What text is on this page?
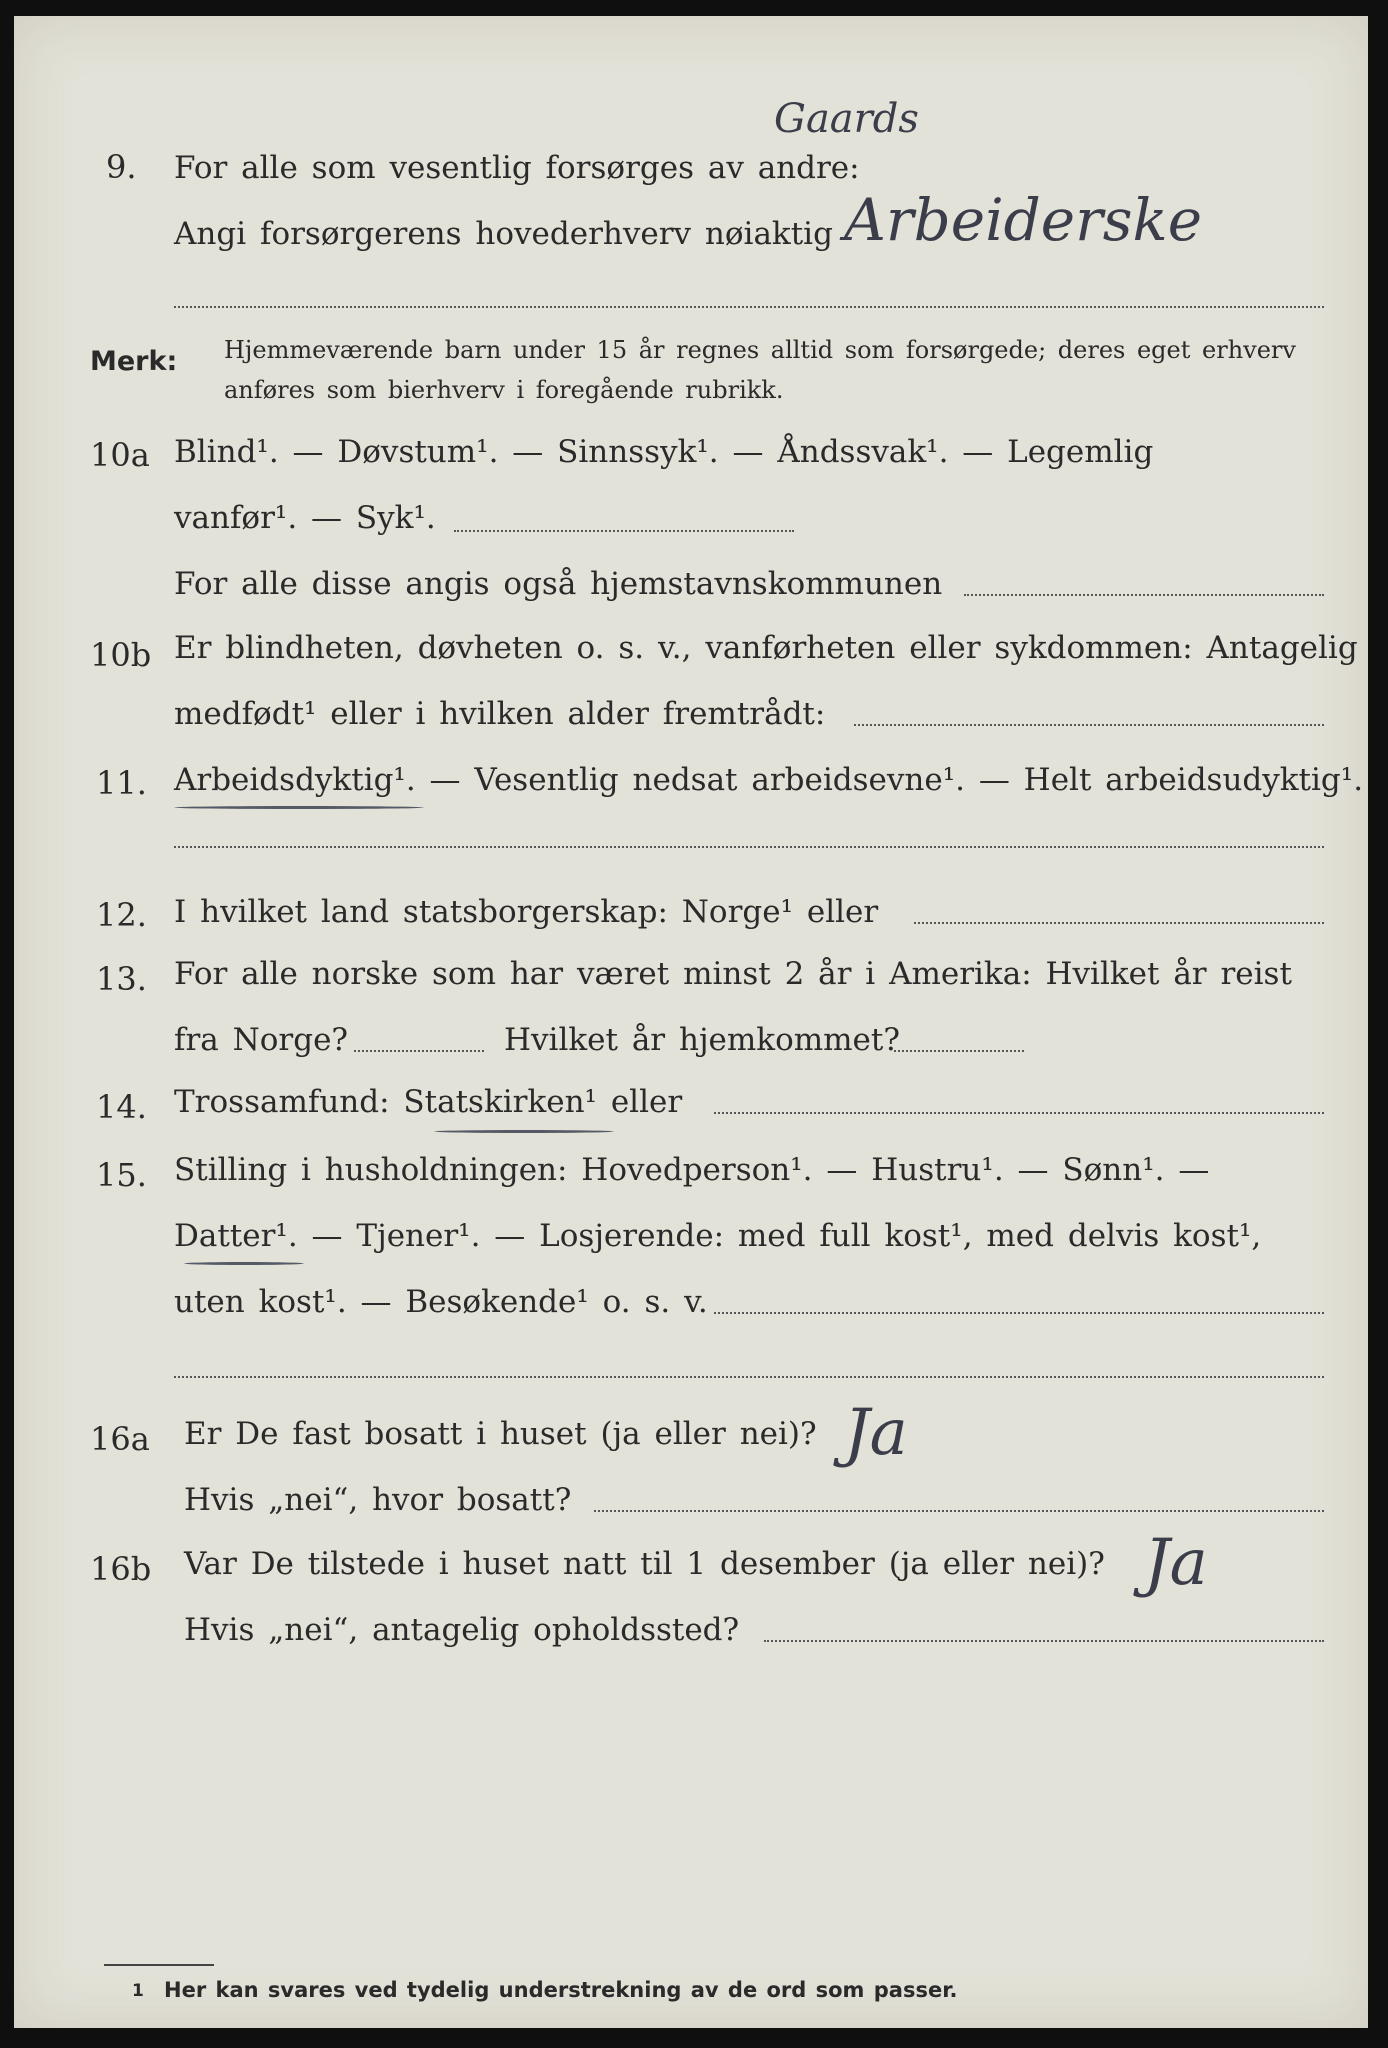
9. For alle som vesentlig forsørges av andre:
Gaards
Angi forsørgerens hovederhverv nøiaktig Arbeiderske
Merk: Hjemmeværende barn under 15 år regnes alltid som forsørgede; deres eget erhverv
anføres som bierhverv i foregående rubrikk.
10a Blind¹. — Døvstum¹. — Sinnssyk¹. — Åndssvak¹. — Legemlig
vanfør¹. — Syk¹.
For alle disse angis også hjemstavnskommunen
10b Er blindheten, døvheten o. s. v., vanførheten eller sykdommen: Antagelig
medfødt¹ eller i hvilken alder fremtrådt:
11. Arbeidsdyktig¹. — Vesentlig nedsat arbeidsevne¹. — Helt arbeidsudyktig¹.
12. I hvilket land statsborgerskap: Norge¹ eller
13. For alle norske som har været minst 2 år i Amerika: Hvilket år reist
fra Norge?	Hvilket år hjemkommet?
14. Trossamfund: Statskirken¹ eller
15. Stilling i husholdningen: Hovedperson¹. — Hustru¹. — Sønn¹. —
Datter¹. — Tjener¹. — Losjerende: med full kost¹, med delvis kost¹,
uten kost¹. — Besøkende¹ o. s. v.
16a Er De fast bosatt i huset (ja eller nei)? Ja
Hvis „nei“, hvor bosatt?
16b Var De tilstede i huset natt til 1 desember (ja eller nei)? Ja
Hvis „nei“, antagelig opholdssted?
1 Her kan svares ved tydelig understrekning av de ord som passer.
